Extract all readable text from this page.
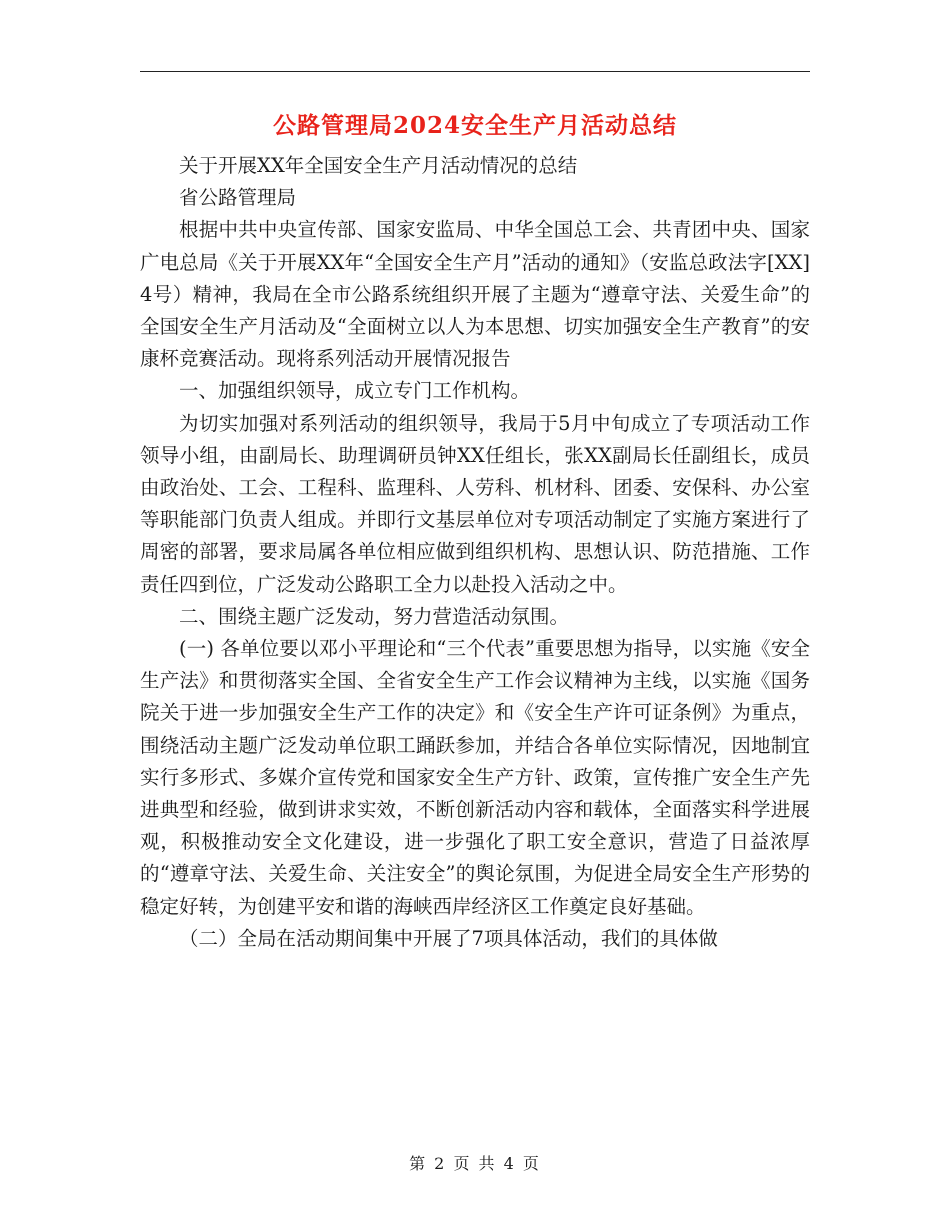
公路管理局2024安全生产月活动总结

关于开展XX年全国安全生产月活动情况的总结

省公路管理局

根据中共中央宣传部、国家安监局、中华全国总工会、共青团中央、国家广电总局《关于开展XX年“全国安全生产月”活动的通知》（安监总政法字[XX]4号）精神，我局在全市公路系统组织开展了主题为“遵章守法、关爱生命”的全国安全生产月活动及“全面树立以人为本思想、切实加强安全生产教育”的安康杯竞赛活动。现将系列活动开展情况报告

一、加强组织领导，成立专门工作机构。

为切实加强对系列活动的组织领导，我局于5月中旬成立了专项活动工作领导小组，由副局长、助理调研员钟XX任组长，张XX副局长任副组长，成员由政治处、工会、工程科、监理科、人劳科、机材科、团委、安保科、办公室等职能部门负责人组成。并即行文基层单位对专项活动制定了实施方案进行了周密的部署，要求局属各单位相应做到组织机构、思想认识、防范措施、工作责任四到位，广泛发动公路职工全力以赴投入活动之中。

二、围绕主题广泛发动，努力营造活动氛围。

(一) 各单位要以邓小平理论和“三个代表”重要思想为指导，以实施《安全生产法》和贯彻落实全国、全省安全生产工作会议精神为主线，以实施《国务院关于进一步加强安全生产工作的决定》和《安全生产许可证条例》为重点，围绕活动主题广泛发动单位职工踊跃参加，并结合各单位实际情况，因地制宜实行多形式、多媒介宣传党和国家安全生产方针、政策，宣传推广安全生产先进典型和经验，做到讲求实效，不断创新活动内容和载体，全面落实科学进展观，积极推动安全文化建设，进一步强化了职工安全意识，营造了日益浓厚的“遵章守法、关爱生命、关注安全”的舆论氛围，为促进全局安全生产形势的稳定好转，为创建平安和谐的海峡西岸经济区工作奠定良好基础。

（二）全局在活动期间集中开展了7项具体活动，我们的具体做

第 2 页 共 4 页
